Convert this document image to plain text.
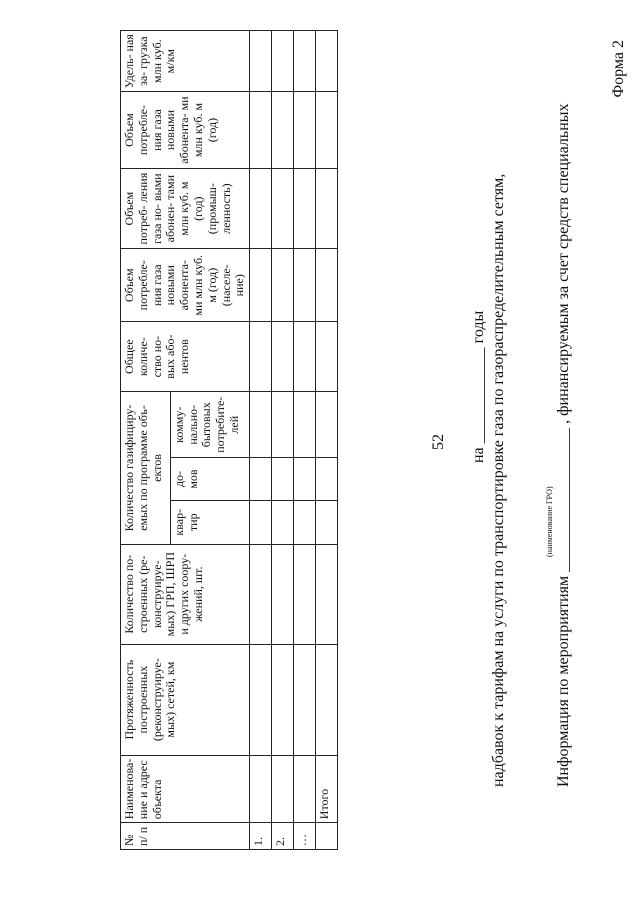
Форма 2
52
Информация по мероприятиям __________________ , финансируемым за счет средств специальных
(наименование ГРО)
надбавок к тарифам на услуги по транспортировке газа по газораспределительным сетям,
на ____________ годы
№ п/ п	Наименова- ние и адрес объекта	Протяженность построенных (реконструируе- мых) сетей, км	Количество по- строенных (ре- конструируе- мых) ГРП, ШРП и других соору- жений, шт.	Количество газифициру- емых по программе объ- ектов			Общее количе- ство но- вых або- нентов	Объем потребле- ния газа новыми абонента- ми млн куб. м (год) (населе- ние)	Объем потреб- ления газа но- выми абонен- тами млн куб. м (год) (промыш- ленность)	Объем потребле- ния газа новыми абонента- ми млн куб. м (год)	Удель- ная за- грузка млн куб. м/км
				квар- тир	до- мов	комму- нально- бытовых потребите- лей					
1.											
2.											
…											
	Итого										
